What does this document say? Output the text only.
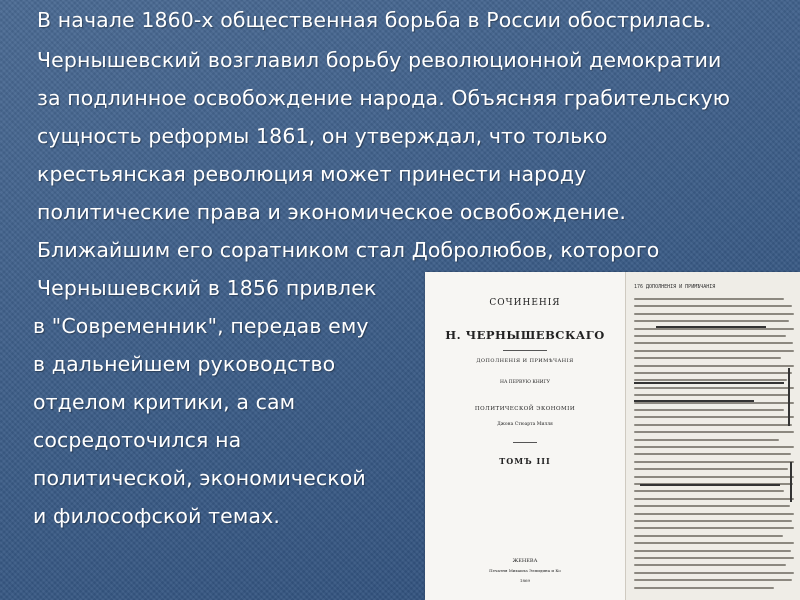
В начале 1860-х общественная борьба в России обострилась.
Чернышевский возглавил борьбу революционной демократии
за подлинное освобождение народа. Объясняя грабительскую
сущность реформы 1861, он утверждал, что только
крестьянская революция может принести народу
политические права и экономическое освобождение.
Ближайшим его соратником стал Добролюбов, которого
Чернышевский в 1856 привлек
в "Современник", передав ему
в дальнейшем руководство
отделом критики, а сам
сосредоточился на
политической, экономической
и философской темах.
СОЧИНЕНІЯ
Н. ЧЕРНЫШЕВСКАГО
ДОПОЛНЕНІЯ И ПРИМѢЧАНІЯ
НА ПЕРВУЮ КНИГУ
ПОЛИТИЧЕСКОЙ ЭКОНОМІИ
Джона Стюарта Милля
ТОМЪ III
ЖЕНЕВА
Печатня Михаила Элпидина и Ко
1869
176 ДОПОЛНЕНІЯ И ПРИМѢЧАНІЯ
